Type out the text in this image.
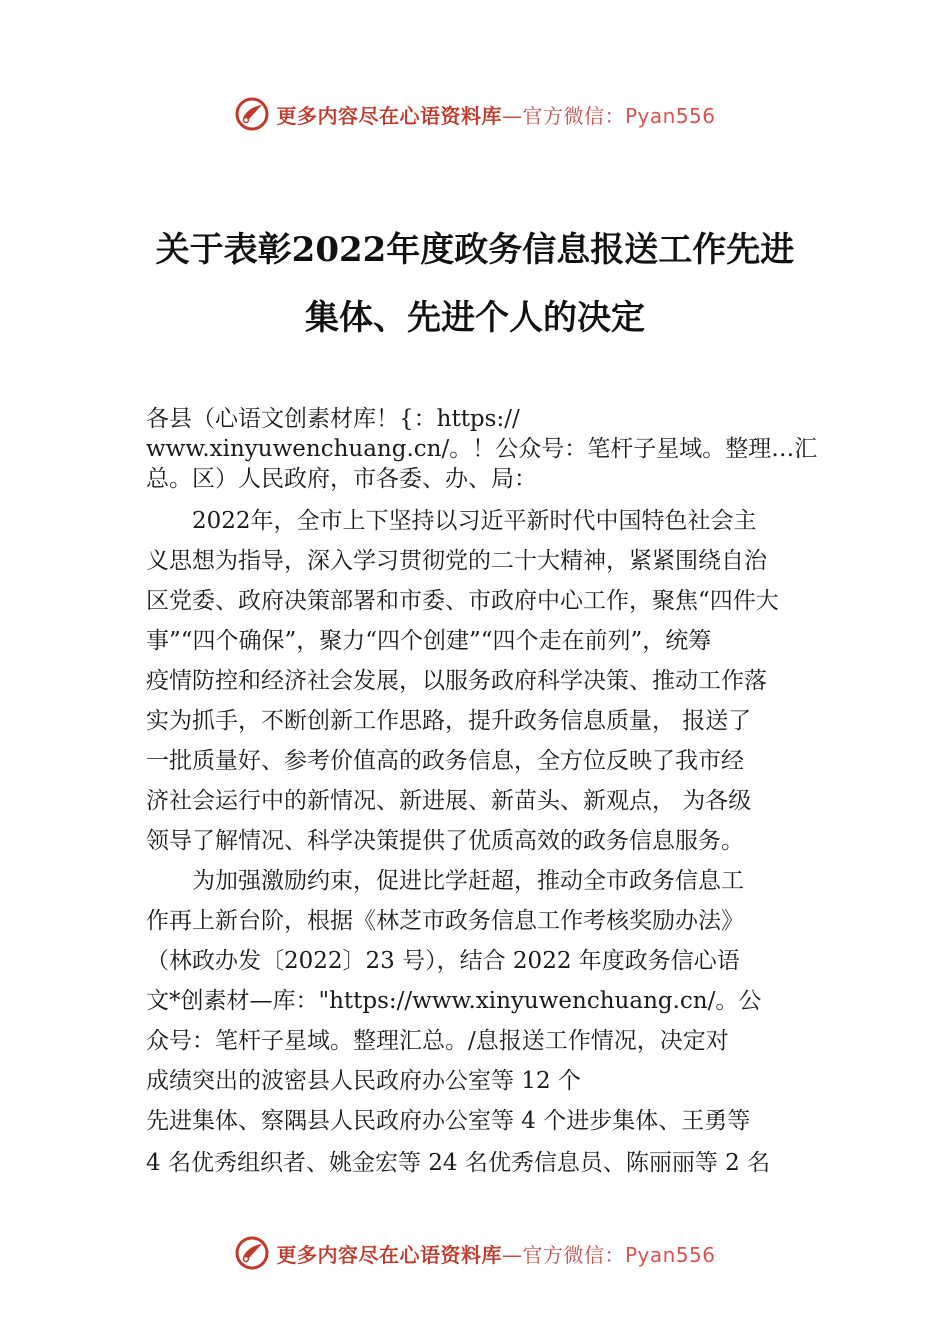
更多内容尽在心语资料库—官方微信：Pyan556
关于表彰2022年度政务信息报送工作先进
集体、先进个人的决定
各县（心语文创素材库！{：https://
www.xinyuwenchuang.cn/。！公众号：笔杆子星域。整理…汇
总。区）人民政府，市各委、办、局：
　　2022年，全市上下坚持以习近平新时代中国特色社会主
义思想为指导，深入学习贯彻党的二十大精神，紧紧围绕自治
区党委、政府决策部署和市委、市政府中心工作，聚焦“四件大
事”“四个确保”，聚力“四个创建”“四个走在前列”，统筹
疫情防控和经济社会发展，以服务政府科学决策、推动工作落
实为抓手，不断创新工作思路，提升政务信息质量， 报送了
一批质量好、参考价值高的政务信息，全方位反映了我市经
济社会运行中的新情况、新进展、新苗头、新观点， 为各级
领导了解情况、科学决策提供了优质高效的政务信息服务。
　　为加强激励约束，促进比学赶超，推动全市政务信息工
作再上新台阶，根据《林芝市政务信息工作考核奖励办法》
（林政办发〔2022〕23 号），结合 2022 年度政务信心语
文*创素材—库："https://www.xinyuwenchuang.cn/。公
众号：笔杆子星域。整理汇总。/息报送工作情况，决定对
成绩突出的波密县人民政府办公室等 12 个
先进集体、察隅县人民政府办公室等 4 个进步集体、王勇等
4 名优秀组织者、姚金宏等 24 名优秀信息员、陈丽丽等 2 名
更多内容尽在心语资料库—官方微信：Pyan556
